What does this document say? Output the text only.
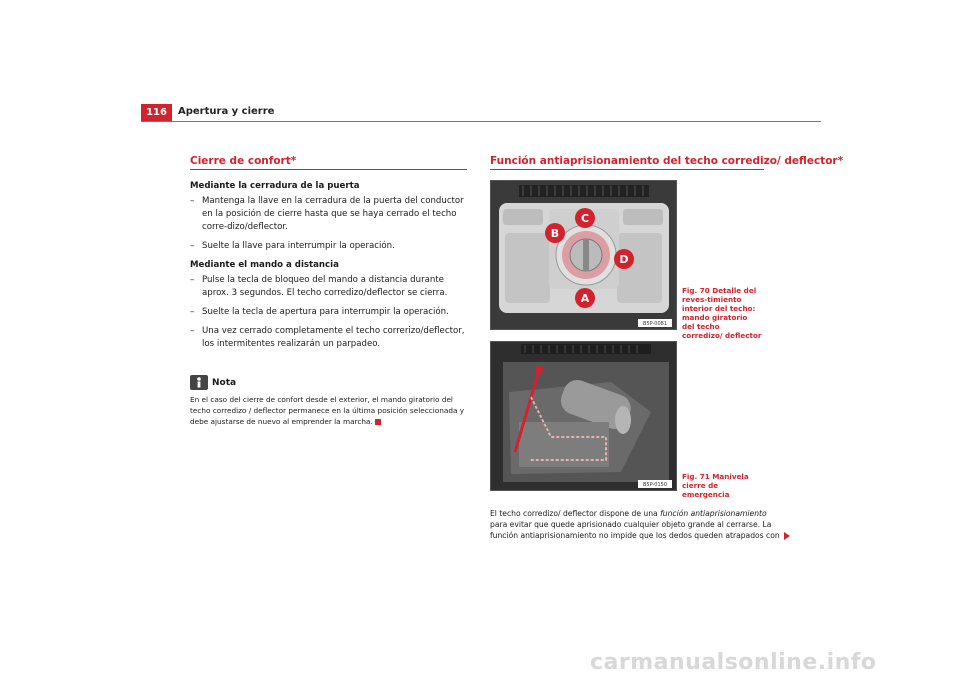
116	Apertura y cierre
Cierre de confort*
Mediante la cerradura de la puerta
– Mantenga la llave en la cerradura de la puerta del conductor en la posición de cierre hasta que se haya cerrado el techo corre-dizo/deflector.
– Suelte la llave para interrumpir la operación.
Mediante el mando a distancia
– Pulse la tecla de bloqueo del mando a distancia durante aprox. 3 segundos. El techo corredizo/deflector se cierra.
– Suelte la tecla de apertura para interrumpir la operación.
– Una vez cerrado completamente el techo correrizo/deflector, los intermitentes realizarán un parpadeo.
Nota
En el caso del cierre de confort desde el exterior, el mando giratorio del techo corredizo / deflector permanece en la última posición seleccionada y debe ajustarse de nuevo al emprender la marcha.
Función antiaprisionamiento del techo corredizo/ deflector*
C
B
D
A
B5P-0081
Fig. 70 Detalle del reves-timiento interior del techo: mando giratorio del techo corredizo/ deflector
B5P-0150
Fig. 71 Manivela cierre de emergencia
El techo corredizo/ deflector dispone de una función antiaprisionamiento
para evitar que quede aprisionado cualquier objeto grande al cerrarse. La función antiaprisionamiento no impide que los dedos queden atrapados con
carmanualsonline.info
